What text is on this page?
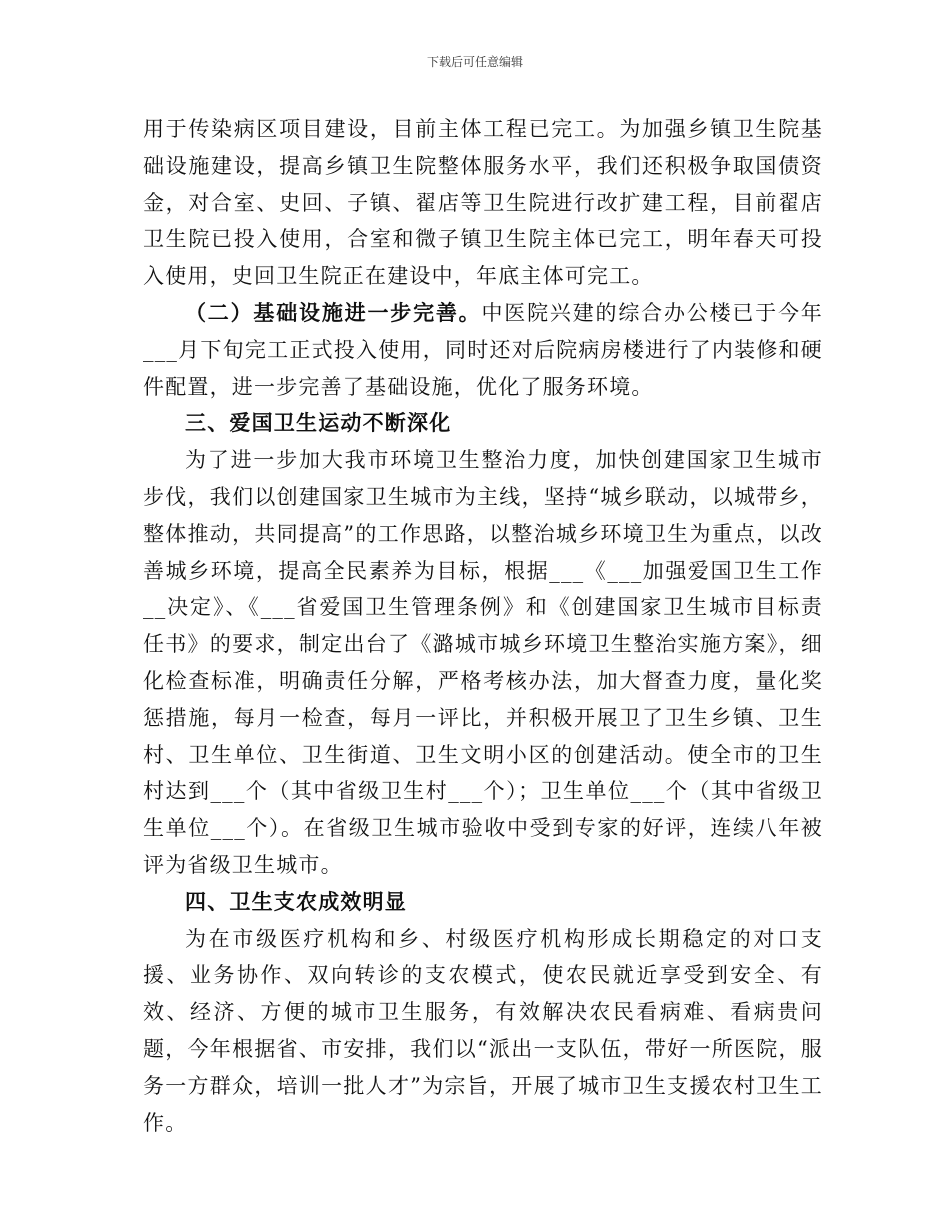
下载后可任意编辑

用于传染病区项目建设，目前主体工程已完工。为加强乡镇卫生院基础设施建设，提高乡镇卫生院整体服务水平，我们还积极争取国债资金，对合室、史回、子镇、翟店等卫生院进行改扩建工程，目前翟店卫生院已投入使用，合室和微子镇卫生院主体已完工，明年春天可投入使用，史回卫生院正在建设中，年底主体可完工。

（二）基础设施进一步完善。中医院兴建的综合办公楼已于今年___月下旬完工正式投入使用，同时还对后院病房楼进行了内装修和硬件配置，进一步完善了基础设施，优化了服务环境。

三、爱国卫生运动不断深化

为了进一步加大我市环境卫生整治力度，加快创建国家卫生城市步伐，我们以创建国家卫生城市为主线，坚持“城乡联动，以城带乡，整体推动，共同提高”的工作思路，以整治城乡环境卫生为重点，以改善城乡环境，提高全民素养为目标，根据___《___加强爱国卫生工作__决定》、《___省爱国卫生管理条例》和《创建国家卫生城市目标责任书》的要求，制定出台了《潞城市城乡环境卫生整治实施方案》，细化检查标准，明确责任分解，严格考核办法，加大督查力度，量化奖惩措施，每月一检查，每月一评比，并积极开展卫了卫生乡镇、卫生村、卫生单位、卫生街道、卫生文明小区的创建活动。使全市的卫生村达到___个（其中省级卫生村___个）；卫生单位___个（其中省级卫生单位___个）。在省级卫生城市验收中受到专家的好评，连续八年被评为省级卫生城市。

四、卫生支农成效明显

为在市级医疗机构和乡、村级医疗机构形成长期稳定的对口支援、业务协作、双向转诊的支农模式，使农民就近享受到安全、有效、经济、方便的城市卫生服务，有效解决农民看病难、看病贵问题，今年根据省、市安排，我们以“派出一支队伍，带好一所医院，服务一方群众，培训一批人才”为宗旨，开展了城市卫生支援农村卫生工作。
